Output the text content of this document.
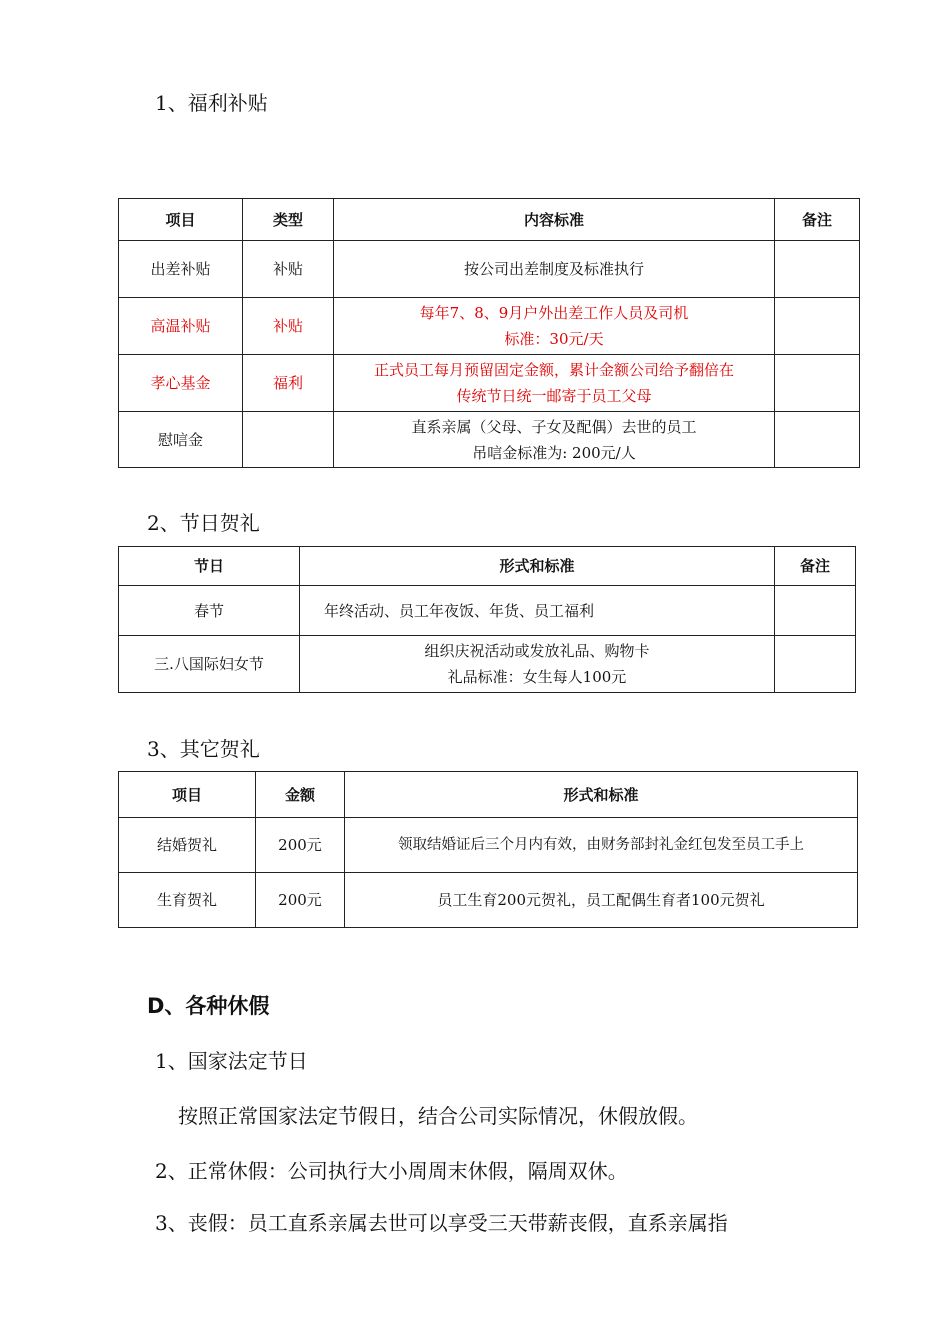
1、福利补贴
项目	类型	内容标准	备注
出差补贴	补贴	按公司出差制度及标准执行	
高温补贴	补贴	每年7、8、9月户外出差工作人员及司机
标准：30元/天	

孝心基金	福利	正式员工每月预留固定金额，累计金额公司给予翻倍在
传统节日统一邮寄于员工父母	

慰唁金		直系亲属（父母、子女及配偶）去世的员工
吊唁金标准为: 200元/人	

2、节日贺礼
节日	形式和标准	备注
春节	年终活动、员工年夜饭、年货、员工福利	
三.八国际妇女节	组织庆祝活动或发放礼品、购物卡
礼品标准：女生每人100元	

3、其它贺礼
项目	金额	形式和标准
结婚贺礼	200元	领取结婚证后三个月内有效，由财务部封礼金红包发至员工手上
生育贺礼	200元	员工生育200元贺礼，员工配偶生育者100元贺礼
D、各种休假
1、国家法定节日
按照正常国家法定节假日，结合公司实际情况，休假放假。
2、正常休假：公司执行大小周周末休假，隔周双休。
3、丧假：员工直系亲属去世可以享受三天带薪丧假，直系亲属指
